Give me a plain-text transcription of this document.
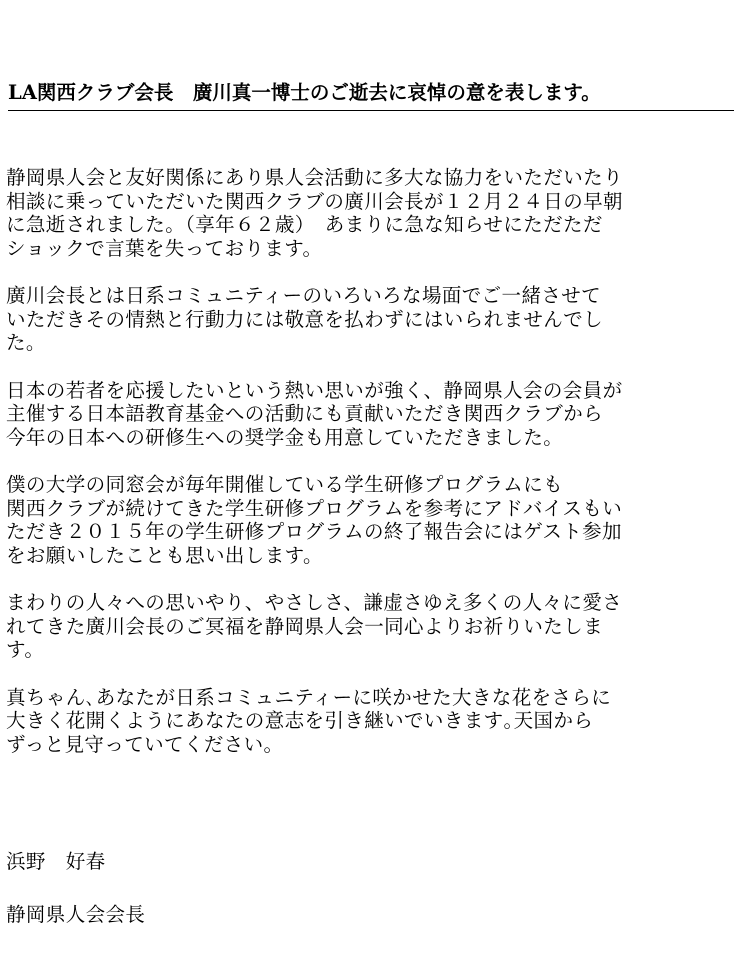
LA関西クラブ会長　廣川真一博士のご逝去に哀悼の意を表します。

静岡県人会と友好関係にあり県人会活動に多大な協力をいただいたり
相談に乗っていただいた関西クラブの廣川会長が１２月２４日の早朝
に急逝されました。（享年６２歳）　あまりに急な知らせにただただ
ショックで言葉を失っております。

廣川会長とは日系コミュニティーのいろいろな場面でご一緒させて
いただきその情熱と行動力には敬意を払わずにはいられませんでし
た。

日本の若者を応援したいという熱い思いが強く、静岡県人会の会員が
主催する日本語教育基金への活動にも貢献いただき関西クラブから
今年の日本への研修生への奨学金も用意していただきました。

僕の大学の同窓会が毎年開催している学生研修プログラムにも
関西クラブが続けてきた学生研修プログラムを参考にアドバイスもい
ただき２０１５年の学生研修プログラムの終了報告会にはゲスト参加
をお願いしたことも思い出します。

まわりの人々への思いやり、やさしさ、謙虚さゆえ多くの人々に愛さ
れてきた廣川会長のご冥福を静岡県人会一同心よりお祈りいたしま
す。

真ちゃん､あなたが日系コミュニティーに咲かせた大きな花をさらに
大きく花開くようにあなたの意志を引き継いでいきます｡天国から
ずっと見守っていてください。

浜野　好春

静岡県人会会長
